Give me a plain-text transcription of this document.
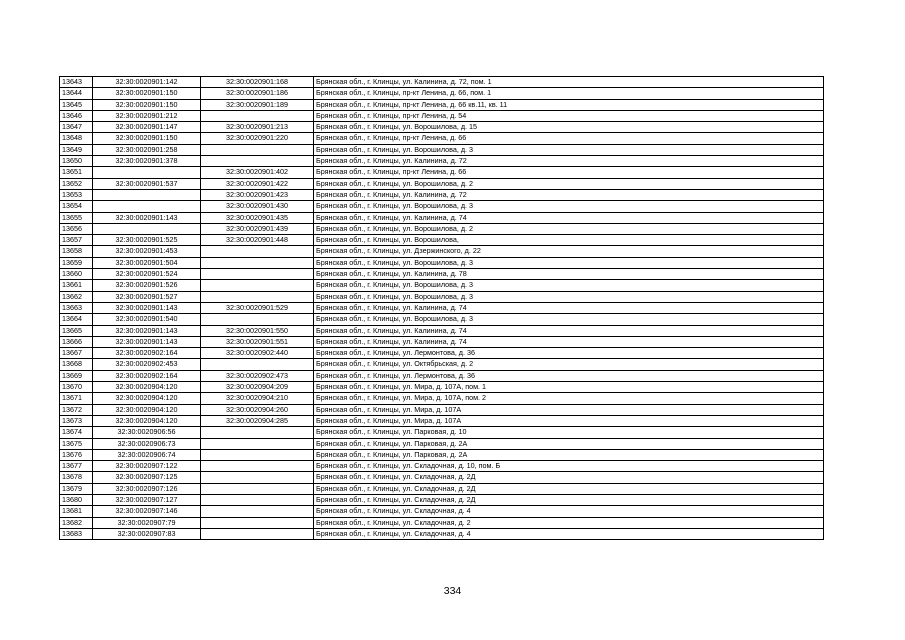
13643	32:30:0020901:142	32:30:0020901:168	Брянская обл., г. Клинцы, ул. Калинина, д. 72, пом. 1
13644	32:30:0020901:150	32:30:0020901:186	Брянская обл., г. Клинцы, пр-кт Ленина, д. 66, пом. 1
13645	32:30:0020901:150	32:30:0020901:189	Брянская обл., г. Клинцы, пр-кт Ленина, д. 66 кв.11, кв. 11
13646	32:30:0020901:212		Брянская обл., г. Клинцы, пр-кт Ленина, д. 54
13647	32:30:0020901:147	32:30:0020901:213	Брянская обл., г. Клинцы, ул. Ворошилова, д. 15
13648	32:30:0020901:150	32:30:0020901:220	Брянская обл., г. Клинцы, пр-кт Ленина, д. 66
13649	32:30:0020901:258		Брянская обл., г. Клинцы, ул. Ворошилова, д. 3
13650	32:30:0020901:378		Брянская обл., г. Клинцы, ул. Калинина, д. 72
13651		32:30:0020901:402	Брянская обл., г. Клинцы, пр-кт Ленина, д. 66
13652	32:30:0020901:537	32:30:0020901:422	Брянская обл., г. Клинцы, ул. Ворошилова, д. 2
13653		32:30:0020901:423	Брянская обл., г. Клинцы, ул. Калинина, д. 72
13654		32:30:0020901:430	Брянская обл., г. Клинцы, ул. Ворошилова, д. 3
13655	32:30:0020901:143	32:30:0020901:435	Брянская обл., г. Клинцы, ул. Калинина, д. 74
13656		32:30:0020901:439	Брянская обл., г. Клинцы, ул. Ворошилова, д. 2
13657	32:30:0020901:525	32:30:0020901:448	Брянская обл., г. Клинцы, ул. Ворошилова,
13658	32:30:0020901:453		Брянская обл., г. Клинцы, ул. Дзержинского, д. 22
13659	32:30:0020901:504		Брянская обл., г. Клинцы, ул. Ворошилова, д. 3
13660	32:30:0020901:524		Брянская обл., г. Клинцы, ул. Калинина, д. 78
13661	32:30:0020901:526		Брянская обл., г. Клинцы, ул. Ворошилова, д. 3
13662	32:30:0020901:527		Брянская обл., г. Клинцы, ул. Ворошилова, д. 3
13663	32:30:0020901:143	32:30:0020901:529	Брянская обл., г. Клинцы, ул. Калинина, д. 74
13664	32:30:0020901:540		Брянская обл., г. Клинцы, ул. Ворошилова, д. 3
13665	32:30:0020901:143	32:30:0020901:550	Брянская обл., г. Клинцы, ул. Калинина, д. 74
13666	32:30:0020901:143	32:30:0020901:551	Брянская обл., г. Клинцы, ул. Калинина, д. 74
13667	32:30:0020902:164	32:30:0020902:440	Брянская обл., г. Клинцы, ул. Лермонтова, д. 36
13668	32:30:0020902:453		Брянская обл., г. Клинцы, ул. Октябрьская, д. 2
13669	32:30:0020902:164	32:30:0020902:473	Брянская обл., г. Клинцы, ул. Лермонтова, д. 36
13670	32:30:0020904:120	32:30:0020904:209	Брянская обл., г. Клинцы, ул. Мира, д. 107А, пом. 1
13671	32:30:0020904:120	32:30:0020904:210	Брянская обл., г. Клинцы, ул. Мира, д. 107А, пом. 2
13672	32:30:0020904:120	32:30:0020904:260	Брянская обл., г. Клинцы, ул. Мира, д. 107А
13673	32:30:0020904:120	32:30:0020904:285	Брянская обл., г. Клинцы, ул. Мира, д. 107А
13674	32:30:0020906:56		Брянская обл., г. Клинцы, ул. Парковая, д. 10
13675	32:30:0020906:73		Брянская обл., г. Клинцы, ул. Парковая, д. 2А
13676	32:30:0020906:74		Брянская обл., г. Клинцы, ул. Парковая, д. 2А
13677	32:30:0020907:122		Брянская обл., г. Клинцы, ул. Складочная, д. 10, пом. Б
13678	32:30:0020907:125		Брянская обл., г. Клинцы, ул. Складочная, д. 2Д
13679	32:30:0020907:126		Брянская обл., г. Клинцы, ул. Складочная, д. 2Д
13680	32:30:0020907:127		Брянская обл., г. Клинцы, ул. Складочная, д. 2Д
13681	32:30:0020907:146		Брянская обл., г. Клинцы, ул. Складочная, д. 4
13682	32:30:0020907:79		Брянская обл., г. Клинцы, ул. Складочная, д. 2
13683	32:30:0020907:83		Брянская обл., г. Клинцы, ул. Складочная, д. 4
334
